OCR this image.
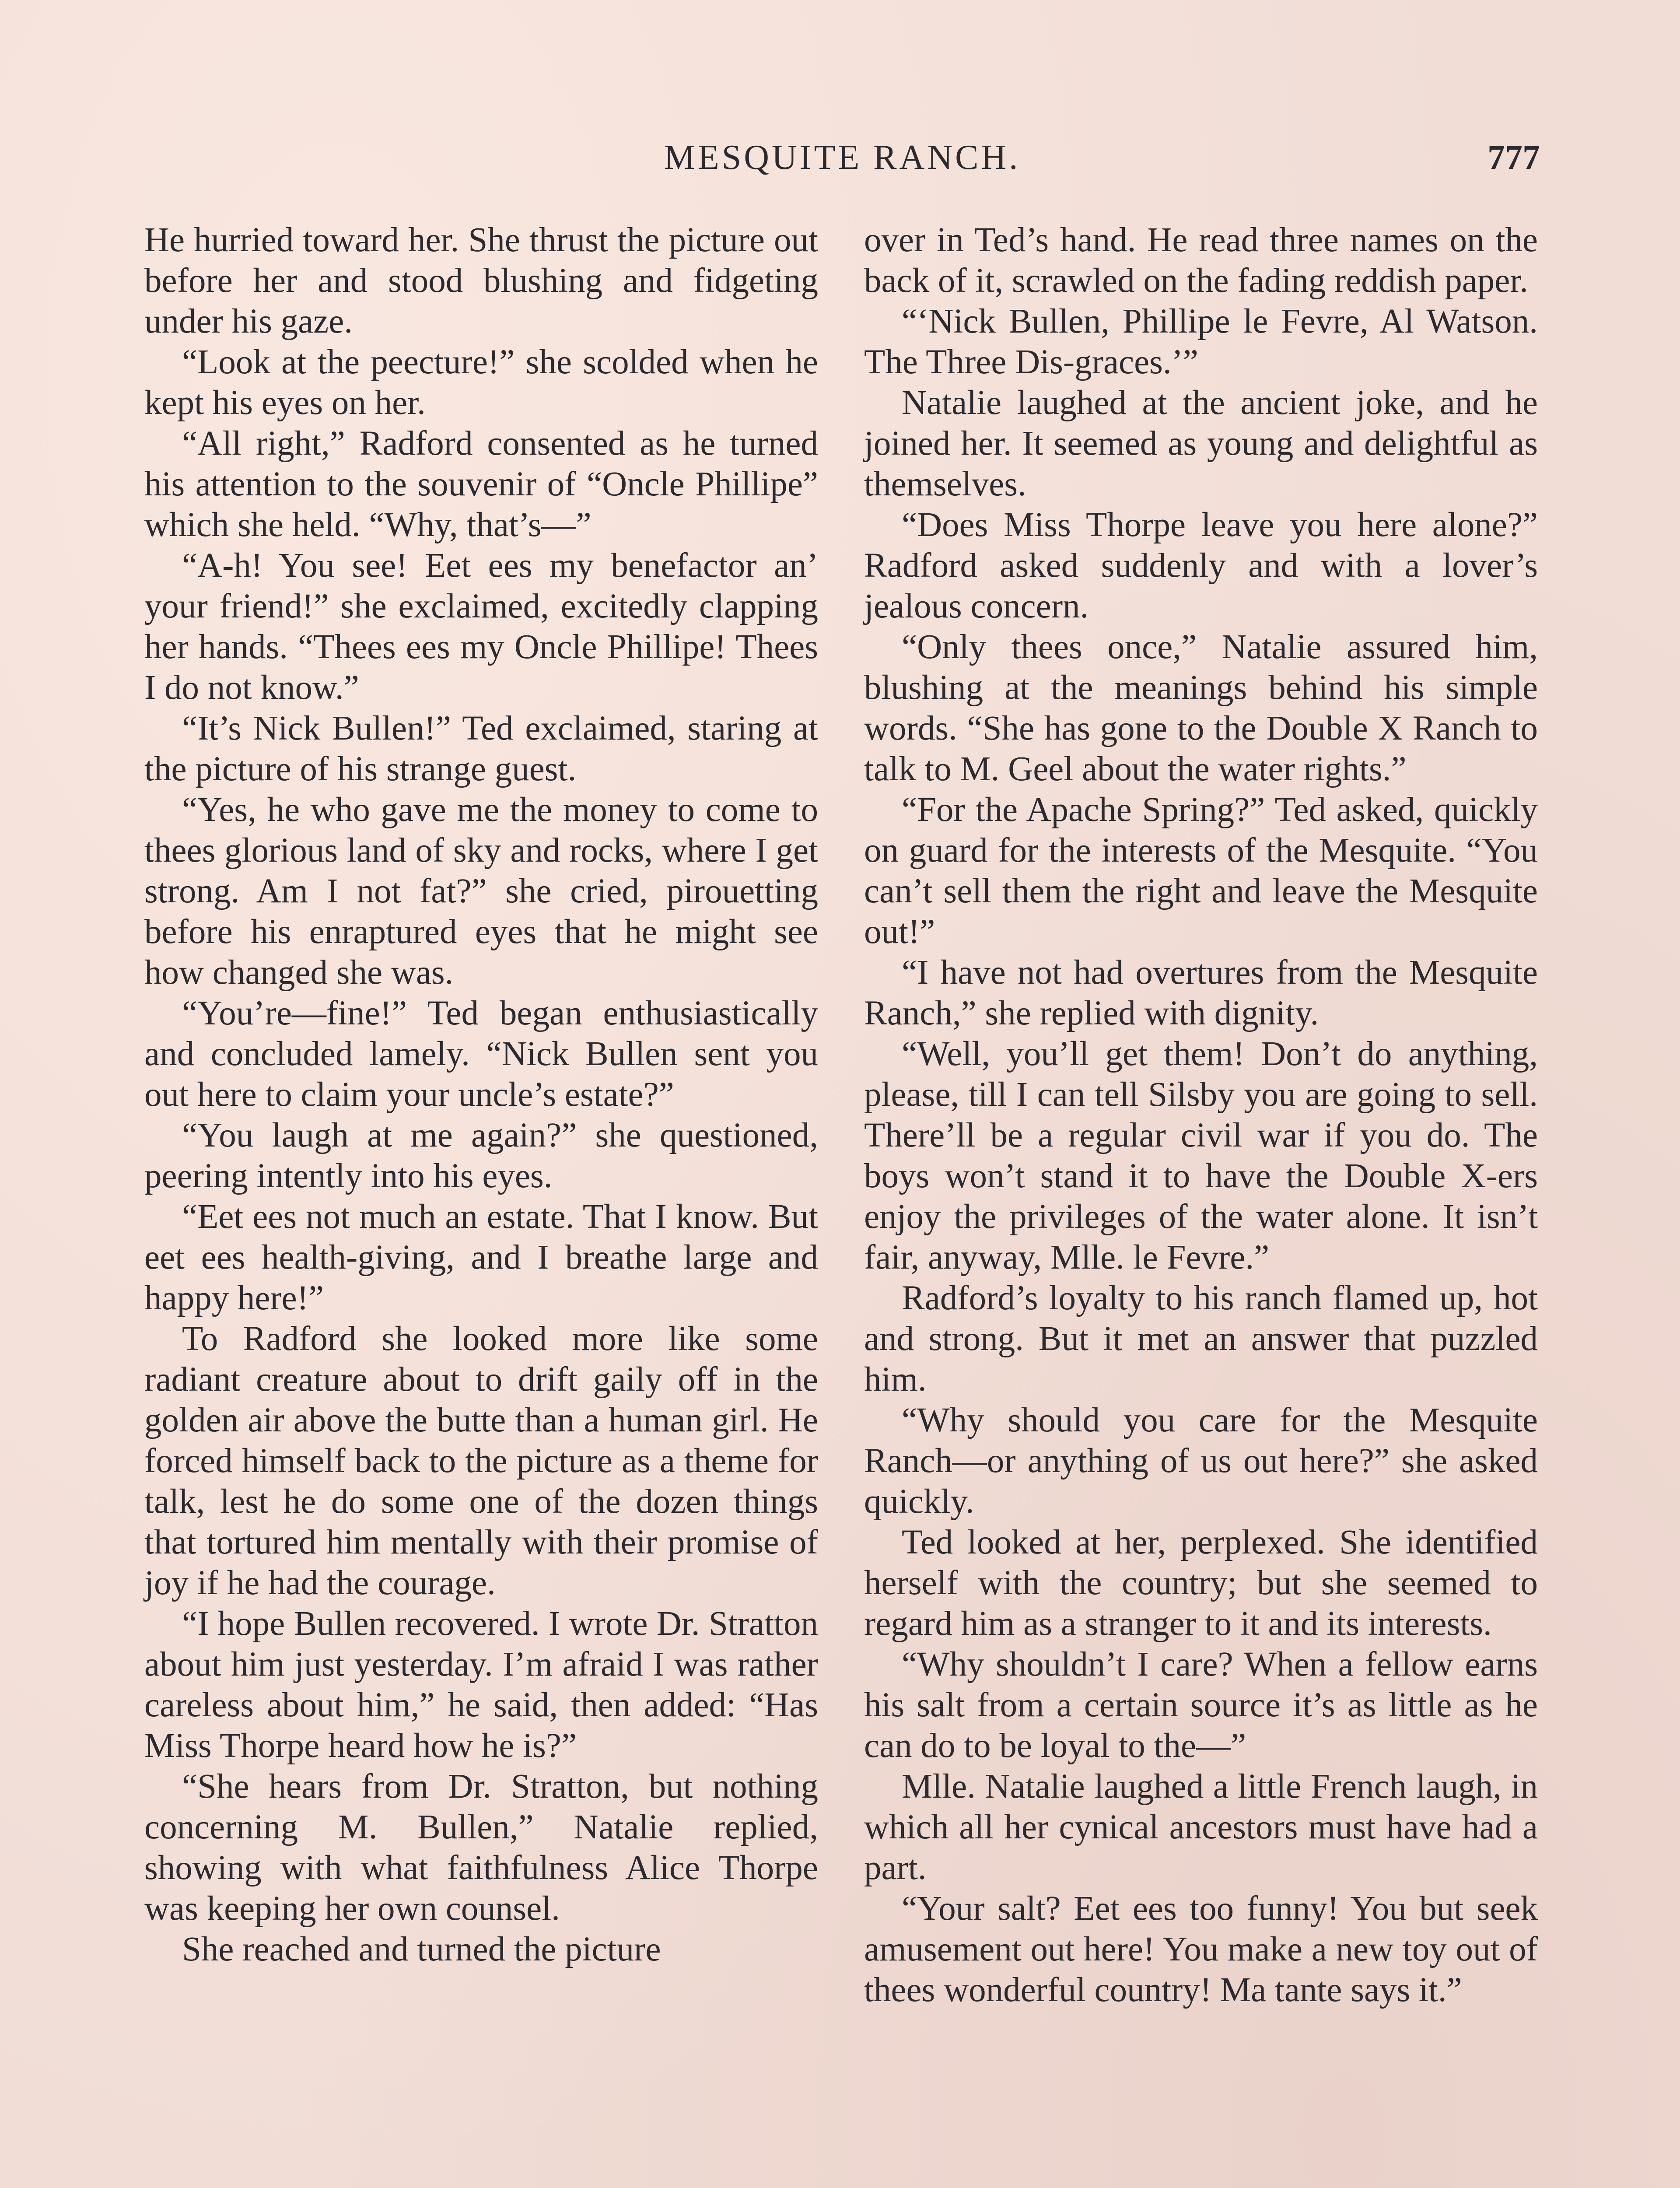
MESQUITE RANCH.	777

He hurried toward her. She thrust the picture out before her and stood blushing and fidgeting under his gaze.

“Look at the peecture!” she scolded when he kept his eyes on her.

“All right,” Radford consented as he turned his attention to the souvenir of “Oncle Phillipe” which she held. “Why, that’s—”

“A-h! You see! Eet ees my benefactor an’ your friend!” she exclaimed, excitedly clapping her hands. “Thees ees my Oncle Phillipe! Thees I do not know.”

“It’s Nick Bullen!” Ted exclaimed, staring at the picture of his strange guest.

“Yes, he who gave me the money to come to thees glorious land of sky and rocks, where I get strong. Am I not fat?” she cried, pirouetting before his enraptured eyes that he might see how changed she was.

“You’re—fine!” Ted began enthusiastically and concluded lamely. “Nick Bullen sent you out here to claim your uncle’s estate?”

“You laugh at me again?” she questioned, peering intently into his eyes.

“Eet ees not much an estate. That I know. But eet ees health-giving, and I breathe large and happy here!”

To Radford she looked more like some radiant creature about to drift gaily off in the golden air above the butte than a human girl. He forced himself back to the picture as a theme for talk, lest he do some one of the dozen things that tortured him mentally with their promise of joy if he had the courage.

“I hope Bullen recovered. I wrote Dr. Stratton about him just yesterday. I’m afraid I was rather careless about him,” he said, then added: “Has Miss Thorpe heard how he is?”

“She hears from Dr. Stratton, but nothing concerning M. Bullen,” Natalie replied, showing with what faithfulness Alice Thorpe was keeping her own counsel.

She reached and turned the picture

over in Ted’s hand. He read three names on the back of it, scrawled on the fading reddish paper.

“‘Nick Bullen, Phillipe le Fevre, Al Watson. The Three Dis-graces.’”

Natalie laughed at the ancient joke, and he joined her. It seemed as young and delightful as themselves.

“Does Miss Thorpe leave you here alone?” Radford asked suddenly and with a lover’s jealous concern.

“Only thees once,” Natalie assured him, blushing at the meanings behind his simple words. “She has gone to the Double X Ranch to talk to M. Geel about the water rights.”

“For the Apache Spring?” Ted asked, quickly on guard for the interests of the Mesquite. “You can’t sell them the right and leave the Mesquite out!”

“I have not had overtures from the Mesquite Ranch,” she replied with dignity.

“Well, you’ll get them! Don’t do anything, please, till I can tell Silsby you are going to sell. There’ll be a regular civil war if you do. The boys won’t stand it to have the Double X-ers enjoy the privileges of the water alone. It isn’t fair, anyway, Mlle. le Fevre.”

Radford’s loyalty to his ranch flamed up, hot and strong. But it met an answer that puzzled him.

“Why should you care for the Mesquite Ranch—or anything of us out here?” she asked quickly.

Ted looked at her, perplexed. She identified herself with the country; but she seemed to regard him as a stranger to it and its interests.

“Why shouldn’t I care? When a fellow earns his salt from a certain source it’s as little as he can do to be loyal to the—”

Mlle. Natalie laughed a little French laugh, in which all her cynical ancestors must have had a part.

“Your salt? Eet ees too funny! You but seek amusement out here! You make a new toy out of thees wonderful country! Ma tante says it.”
